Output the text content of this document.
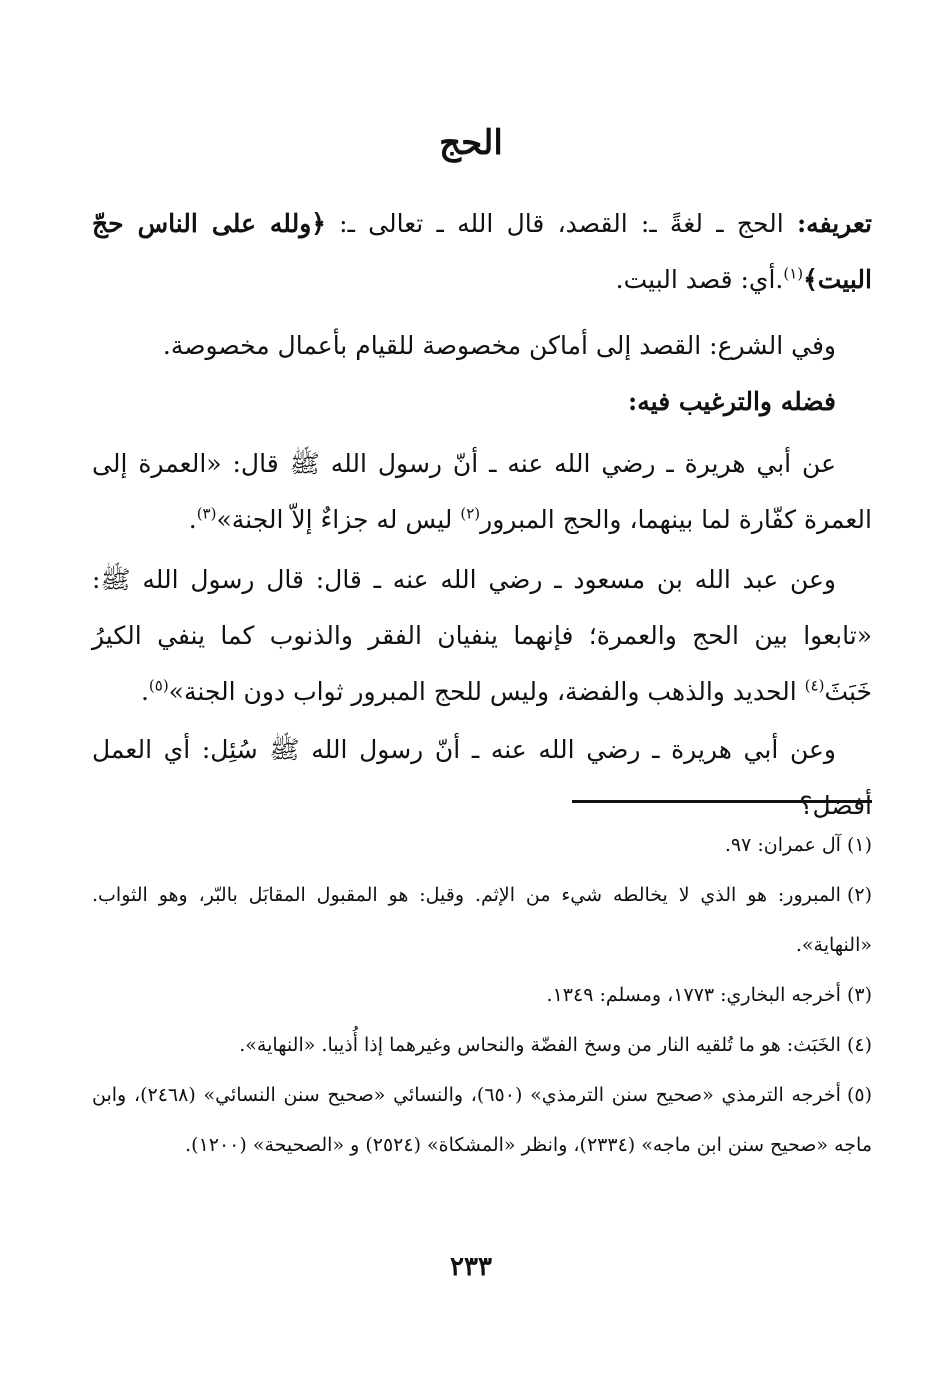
الحج
تعريفه: الحج ـ لغةً ـ: القصد، قال الله ـ تعالى ـ: ﴿ولله على الناس حجّ البيت﴾$^{(١)}$.أي: قصد البيت.
وفي الشرع: القصد إلى أماكن مخصوصة للقيام بأعمال مخصوصة.
فضله والترغيب فيه:
عن أبي هريرة ـ رضي الله عنه ـ أنّ رسول الله ﷺ قال: «العمرة إلى العمرة كفّارة لما بينهما، والحج المبرور$^{(٢)}$ ليس له جزاءٌ إلاّ الجنة»$^{(٣)}$.
وعن عبد الله بن مسعود ـ رضي الله عنه ـ قال: قال رسول الله ﷺ: «تابعوا بين الحج والعمرة؛ فإنهما ينفيان الفقر والذنوب كما ينفي الكيرُ خَبَثَ$^{(٤)}$ الحديد والذهب والفضة، وليس للحج المبرور ثواب دون الجنة»$^{(٥)}$.
وعن أبي هريرة ـ رضي الله عنه ـ أنّ رسول الله ﷺ سُئِل: أي العمل أفضل؟

(١)آل عمران: ٩٧.

(٢)المبرور: هو الذي لا يخالطه شيء من الإثم. وقيل: هو المقبول المقابَل بالبّر، وهو الثواب. «النهاية».

(٣)أخرجه البخاري: ١٧٧٣، ومسلم: ١٣٤٩.

(٤)الخَبَث: هو ما تُلقيه النار من وسخ الفضّة والنحاس وغيرهما إذا أُذيبا. «النهاية».

(٥)أخرجه الترمذي «صحيح سنن الترمذي» (٦٥٠)، والنسائي «صحيح سنن النسائي» (٢٤٦٨)، وابن ماجه «صحيح سنن ابن ماجه» (٢٣٣٤)، وانظر «المشكاة» (٢٥٢٤) و «الصحيحة» (١٢٠٠).

٢٣٣
